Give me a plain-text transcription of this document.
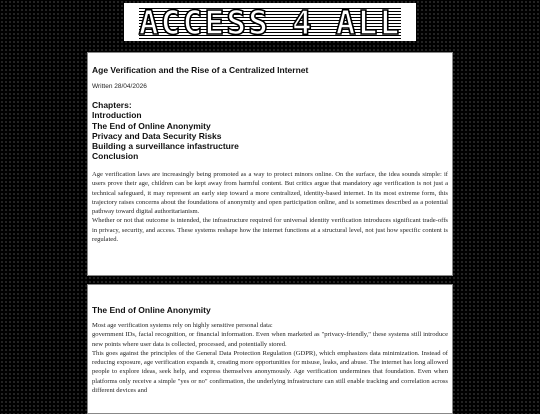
ACCESS 4 ALL
Age Verification and the Rise of a Centralized Internet
Written 28/04/2026
Chapters:
Introduction
The End of Online Anonymity
Privacy and Data Security Risks
Building a surveillance infastructure
Conclusion

Age verification laws are increasingly being promoted as a way to protect minors online. On the surface, the idea sounds simple: if users prove their age, children can be kept away from harmful content. But critics argue that mandatory age verification is not just a technical safeguard, it may represent an early step toward a more centralized, identity-based internet. In its most extreme form, this trajectory raises concerns about the foundations of anonymity and open participation online, and is sometimes described as a potential pathway toward digital authoritarianism.

Whether or not that outcome is intended, the infrastructure required for universal identity verification introduces significant trade-offs in privacy, security, and access. These systems reshape how the internet functions at a structural level, not just how specific content is regulated.

The End of Online Anonymity

Most age verification systems rely on highly sensitive personal data:

government IDs, facial recognition, or financial information. Even when marketed as "privacy-friendly," these systems still introduce new points where user data is collected, processed, and potentially stored.

This goes against the principles of the General Data Protection Regulation (GDPR), which emphasizes data minimization. Instead of reducing exposure, age verification expands it, creating more opportunities for misuse, leaks, and abuse. The internet has long allowed people to explore ideas, seek help, and express themselves anonymously. Age verification undermines that foundation. Even when platforms only receive a simple "yes or no" confirmation, the underlying infrastructure can still enable tracking and correlation across different devices and
